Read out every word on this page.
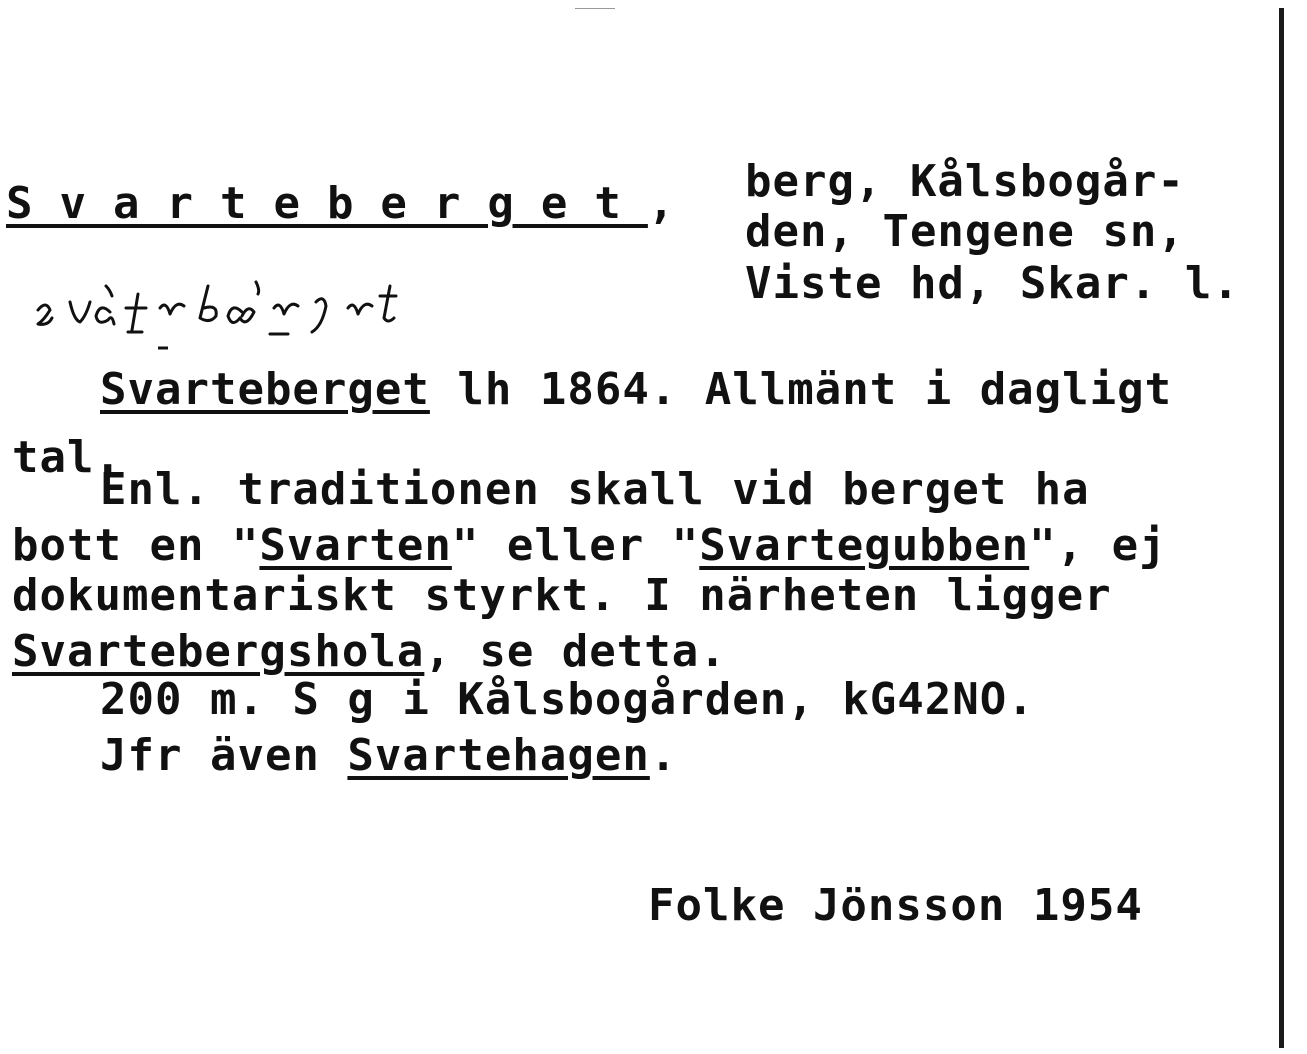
Svarteberget, berg, Kålsbogår-
den, Tengene sn,
Viste hd, Skar. l.
Svarteberget lh 1864. Allmänt i dagligt
tal.
Enl. traditionen skall vid berget ha
bott en "Svarten" eller "Svartegubben", ej
dokumentariskt styrkt. I närheten ligger
Svartebergshola, se detta.
200 m. S g i Kålsbogården, kG42NO.
Jfr även Svartehagen.
Folke Jönsson 1954
